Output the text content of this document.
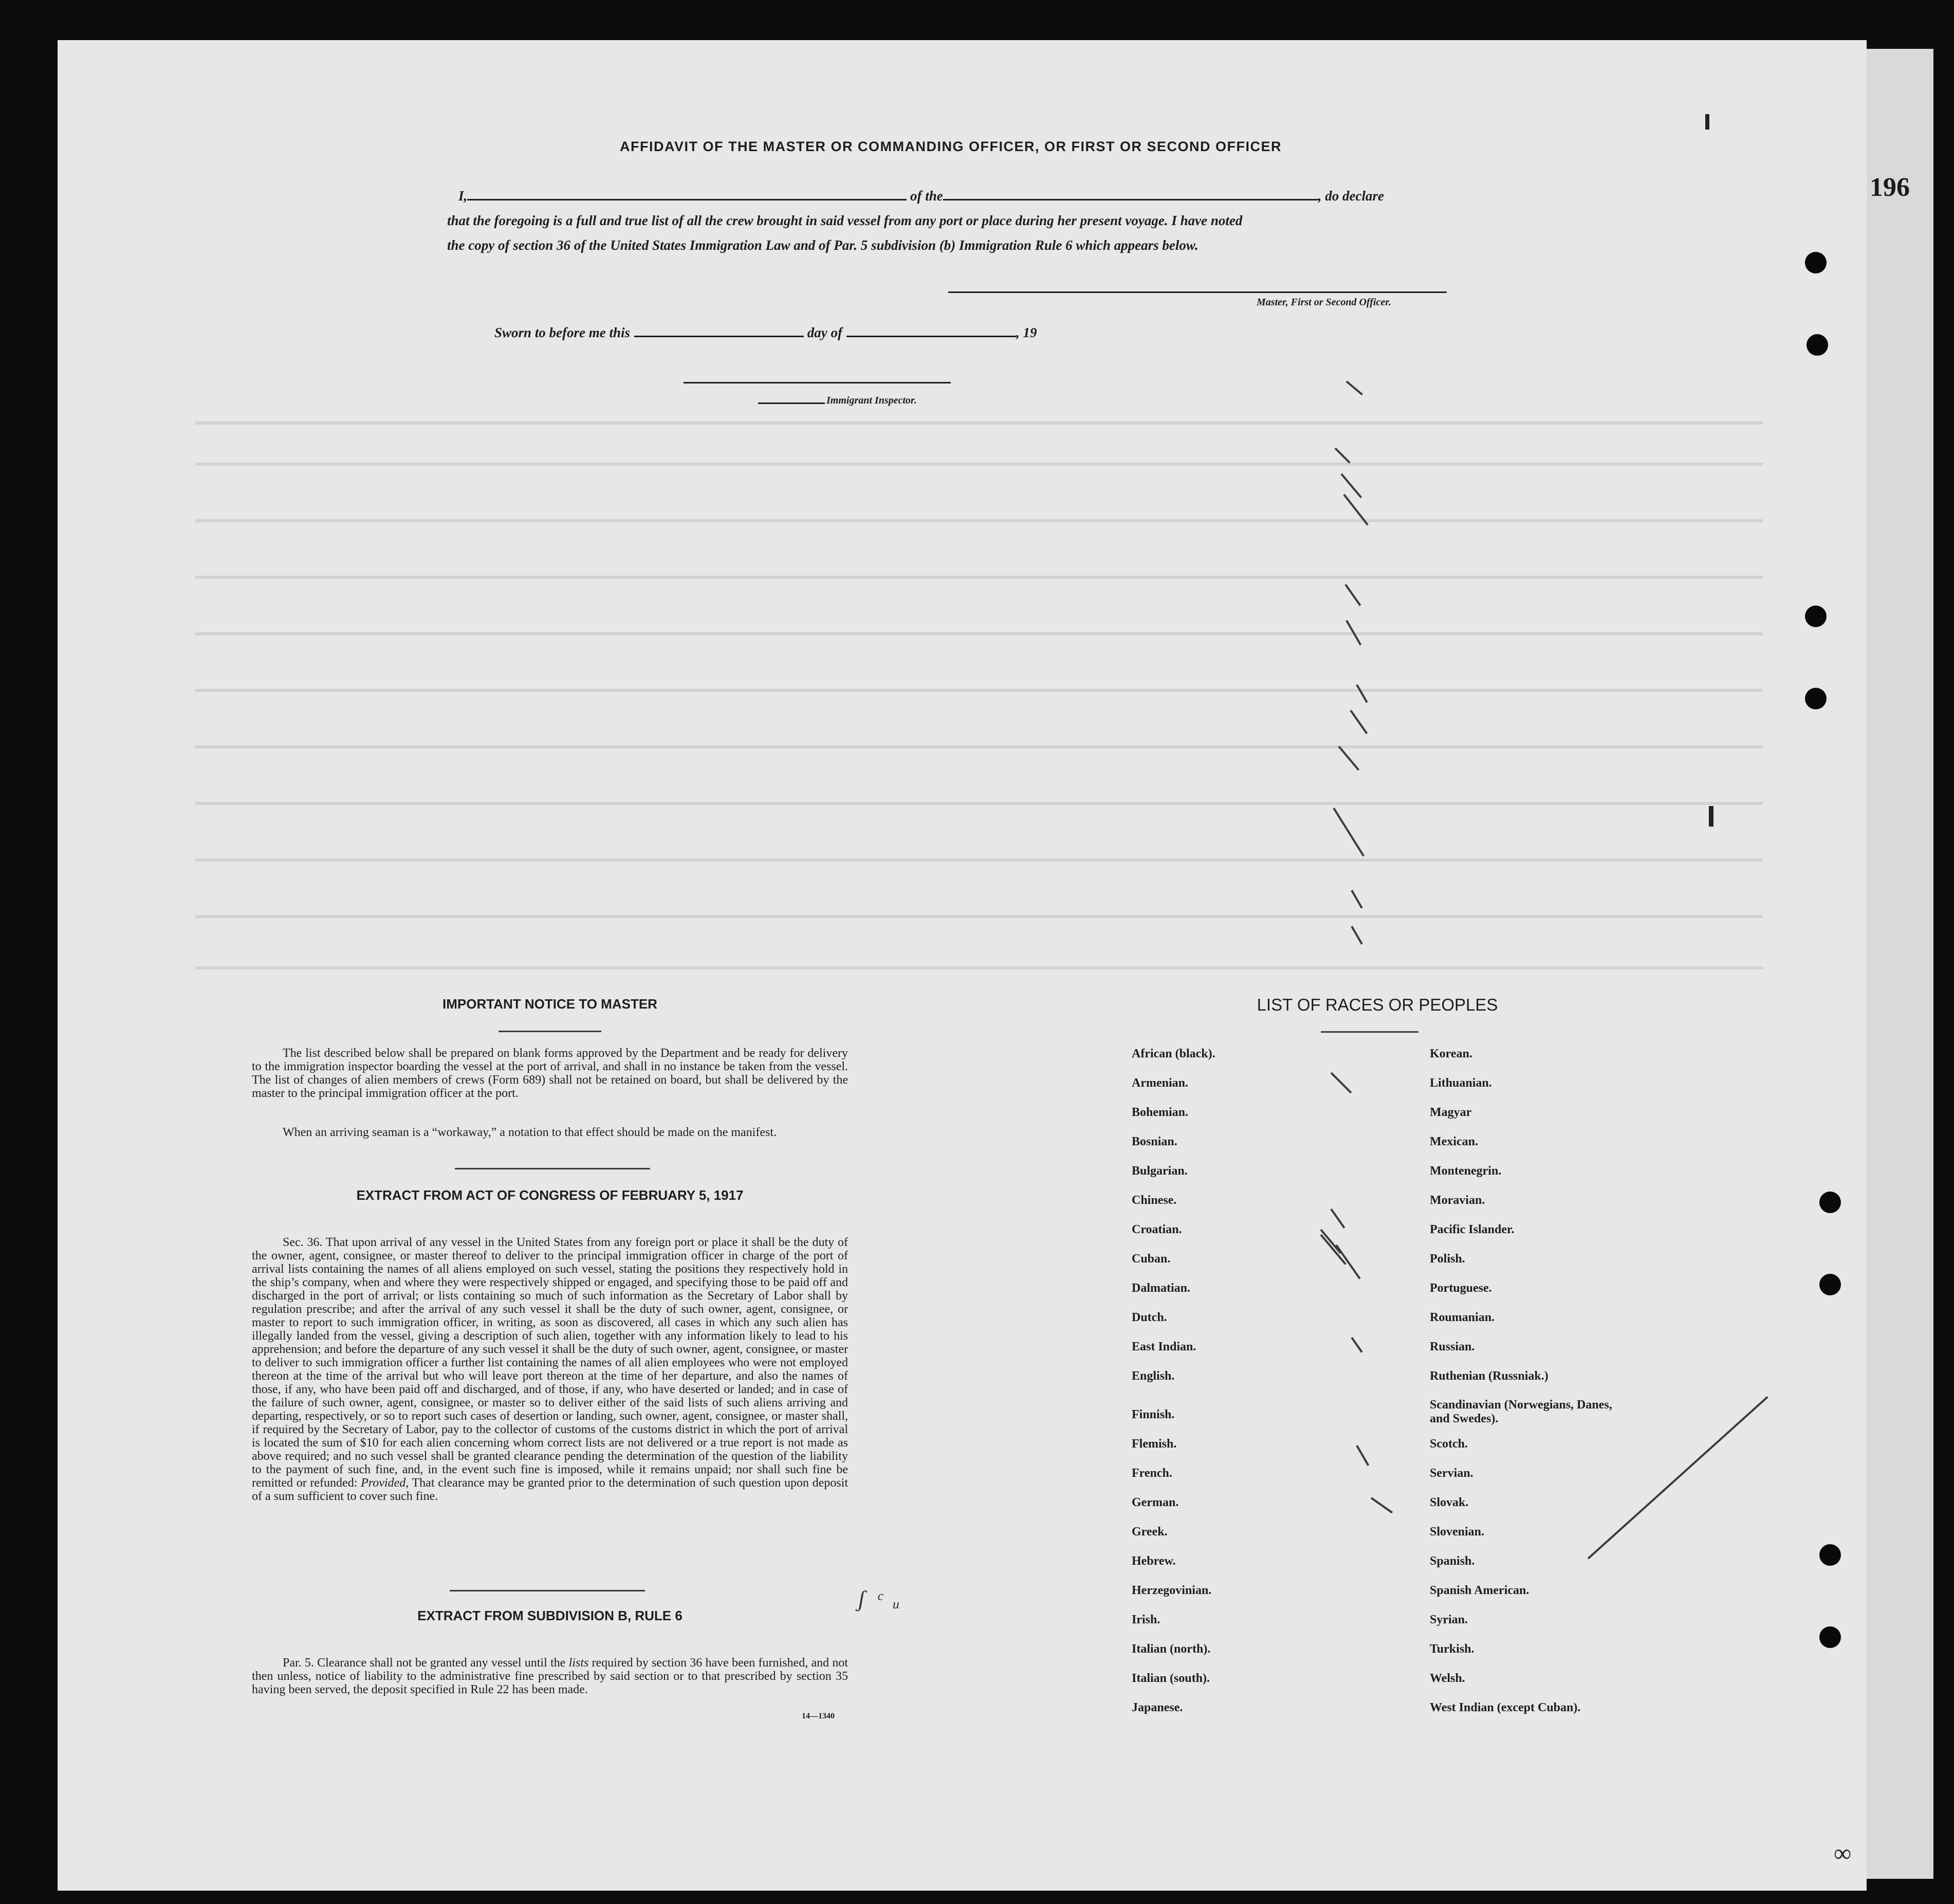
196
∞
AFFIDAVIT OF THE MASTER OR COMMANDING OFFICER, OR FIRST OR SECOND OFFICER
I,	of the	, do declare
that the foregoing is a full and true list of all the crew brought in said vessel from any port or place during her present voyage. I have noted
the copy of section 36 of the United States Immigration Law and of Par. 5 subdivision (b) Immigration Rule 6 which appears below.
Master, First or Second Officer.
Sworn to before me this	day of	, 19
Immigrant Inspector.
IMPORTANT NOTICE TO MASTER

The list described below shall be prepared on blank forms approved by the Department and be ready for delivery to the immigration inspector boarding the vessel at the port of arrival, and shall in no instance be taken from the vessel. The list of changes of alien members of crews (Form 689) shall not be retained on board, but shall be delivered by the master to the principal immigration officer at the port.

When an arriving seaman is a “workaway,” a notation to that effect should be made on the manifest.

EXTRACT FROM ACT OF CONGRESS OF FEBRUARY 5, 1917

Sec. 36. That upon arrival of any vessel in the United States from any foreign port or place it shall be the duty of the owner, agent, consignee, or master thereof to deliver to the principal immigration officer in charge of the port of arrival lists containing the names of all aliens employed on such vessel, stating the positions they respectively hold in the ship’s company, when and where they were respectively shipped or engaged, and specifying those to be paid off and discharged in the port of arrival; or lists containing so much of such information as the Secretary of Labor shall by regulation prescribe; and after the arrival of any such vessel it shall be the duty of such owner, agent, consignee, or master to report to such immigration officer, in writing, as soon as discovered, all cases in which any such alien has illegally landed from the vessel, giving a description of such alien, together with any information likely to lead to his apprehension; and before the departure of any such vessel it shall be the duty of such owner, agent, consignee, or master to deliver to such immigration officer a further list containing the names of all alien employees who were not employed thereon at the time of the arrival but who will leave port thereon at the time of her departure, and also the names of those, if any, who have been paid off and discharged, and of those, if any, who have deserted or landed; and in case of the failure of such owner, agent, consignee, or master so to deliver either of the said lists of such aliens arriving and departing, respectively, or so to report such cases of desertion or landing, such owner, agent, consignee, or master shall, if required by the Secretary of Labor, pay to the collector of customs of the customs district in which the port of arrival is located the sum of $10 for each alien concerning whom correct lists are not delivered or a true report is not made as above required; and no such vessel shall be granted clearance pending the determination of the question of the liability to the payment of such fine, and, in the event such fine is imposed, while it remains unpaid; nor shall such fine be remitted or refunded: Provided, That clearance may be granted prior to the determination of such question upon deposit of a sum sufficient to cover such fine.

EXTRACT FROM SUBDIVISION B, RULE 6

Par. 5. Clearance shall not be granted any vessel until the lists required by section 36 have been furnished, and not then unless, notice of liability to the administrative fine prescribed by said section or to that prescribed by section 35 having been served, the deposit specified in Rule 22 has been made.

14—1340
LIST OF RACES OR PEOPLES
African (black).
Armenian.
Bohemian.
Bosnian.
Bulgarian.
Chinese.
Croatian.
Cuban.
Dalmatian.
Dutch.
East Indian.
English.
Finnish.
Flemish.
French.
German.
Greek.
Hebrew.
Herzegovinian.
Irish.
Italian (north).
Italian (south).
Japanese.
Korean.
Lithuanian.
Magyar
Mexican.
Montenegrin.
Moravian.
Pacific Islander.
Polish.
Portuguese.
Roumanian.
Russian.
Ruthenian (Russniak.)
Scandinavian (Norwegians, Danes, and Swedes).
Scotch.
Servian.
Slovak.
Slovenian.
Spanish.
Spanish American.
Syrian.
Turkish.
Welsh.
West Indian (except Cuban).
ʃ  ᶜ  ᵤ
